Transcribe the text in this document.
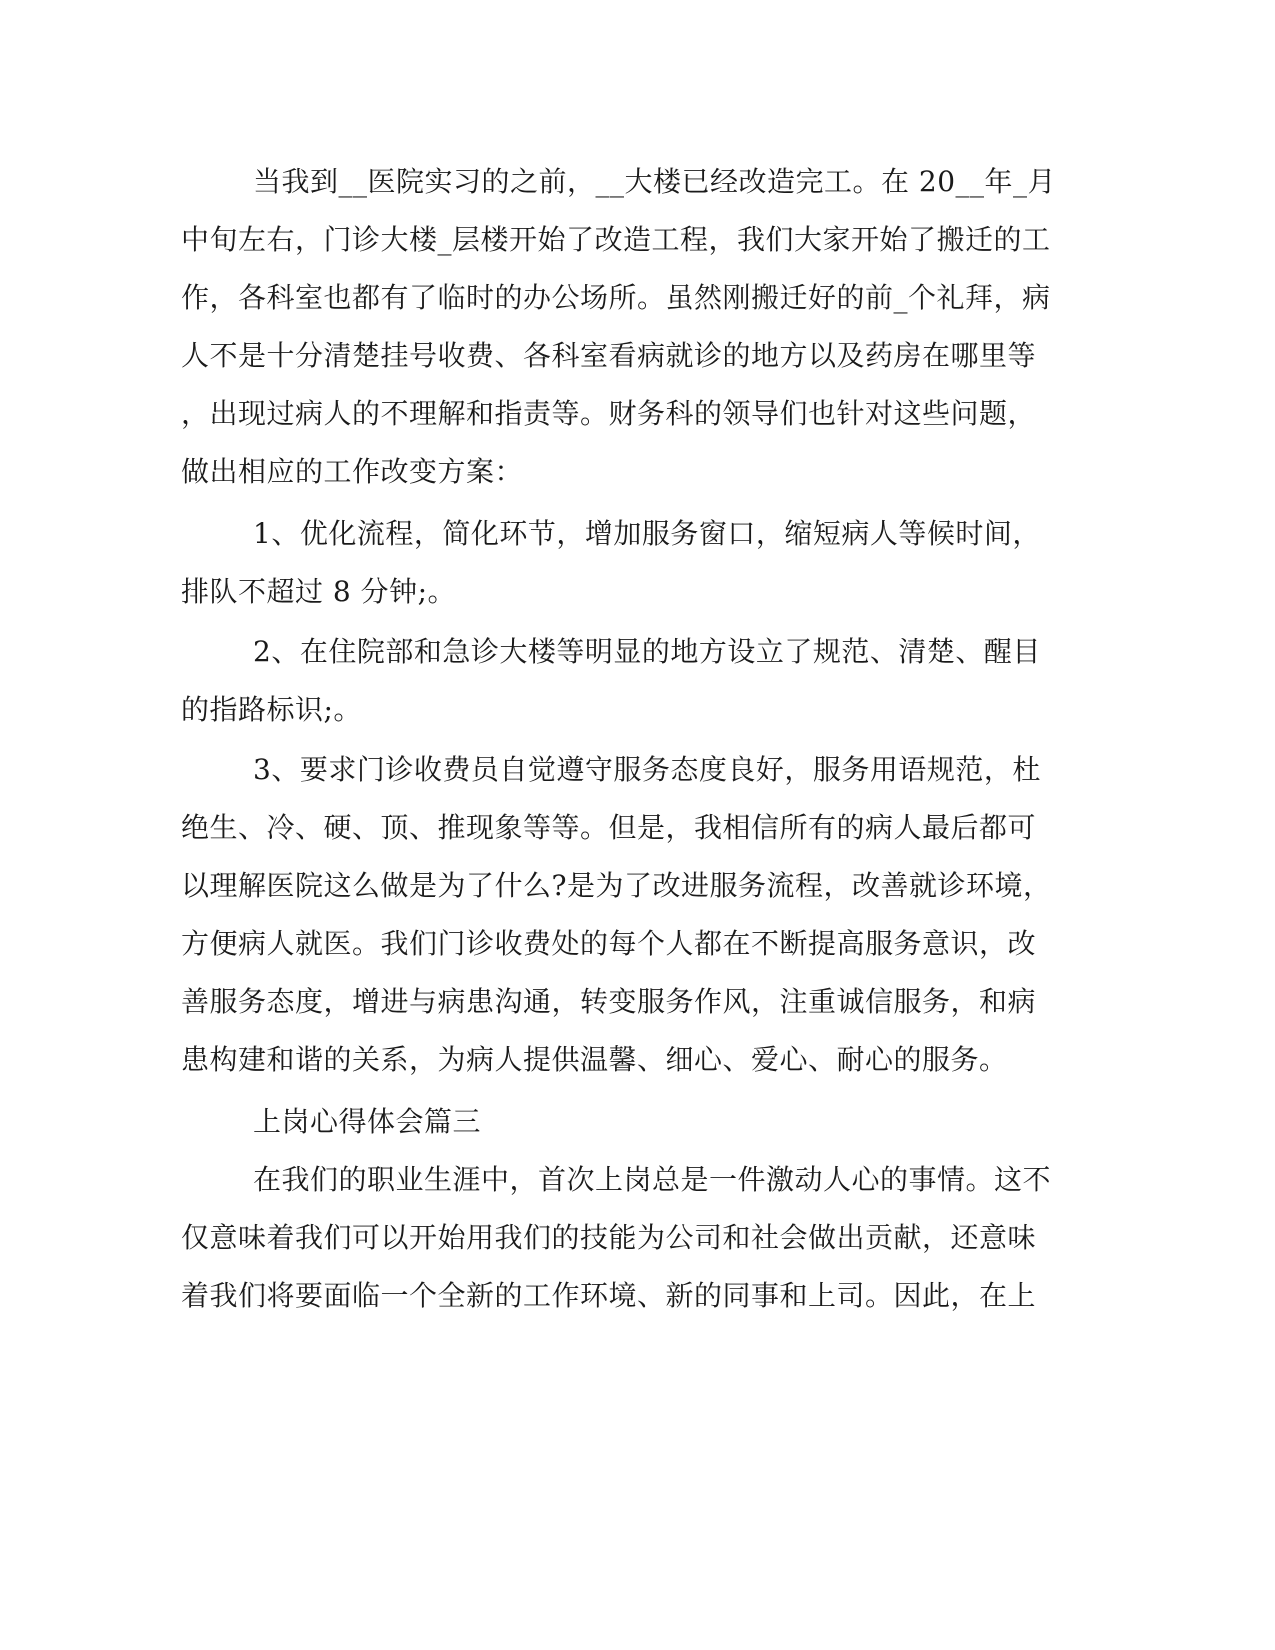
当我到__医院实习的之前，__大楼已经改造完工。在 20__年_月

中旬左右，门诊大楼_层楼开始了改造工程，我们大家开始了搬迁的工

作，各科室也都有了临时的办公场所。虽然刚搬迁好的前_个礼拜，病

人不是十分清楚挂号收费、各科室看病就诊的地方以及药房在哪里等

，出现过病人的不理解和指责等。财务科的领导们也针对这些问题，

做出相应的工作改变方案：

1、优化流程，简化环节，增加服务窗口，缩短病人等候时间，

排队不超过 8 分钟;。

2、在住院部和急诊大楼等明显的地方设立了规范、清楚、醒目

的指路标识;。

3、要求门诊收费员自觉遵守服务态度良好，服务用语规范，杜

绝生、冷、硬、顶、推现象等等。但是，我相信所有的病人最后都可

以理解医院这么做是为了什么?是为了改进服务流程，改善就诊环境，

方便病人就医。我们门诊收费处的每个人都在不断提高服务意识，改

善服务态度，增进与病患沟通，转变服务作风，注重诚信服务，和病

患构建和谐的关系，为病人提供温馨、细心、爱心、耐心的服务。

上岗心得体会篇三

在我们的职业生涯中，首次上岗总是一件激动人心的事情。这不

仅意味着我们可以开始用我们的技能为公司和社会做出贡献，还意味

着我们将要面临一个全新的工作环境、新的同事和上司。因此，在上
